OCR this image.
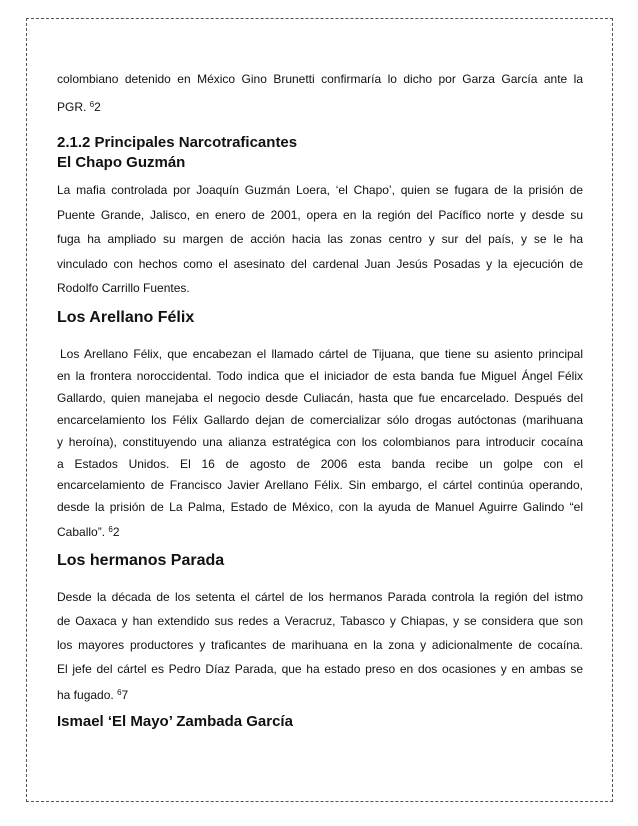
colombiano detenido en México Gino Brunetti confirmaría lo dicho por Garza García ante la
PGR. 62
2.1.2 Principales Narcotraficantes
El Chapo Guzmán
La mafia controlada por Joaquín Guzmán Loera, ‘el Chapo’, quien se fugara de la prisión de
Puente Grande, Jalisco, en enero de 2001, opera en la región del Pacífico norte y desde su
fuga ha ampliado su margen de acción hacia las zonas centro y sur del país, y se le ha
vinculado con hechos como el asesinato del cardenal Juan Jesús Posadas y la ejecución de
Rodolfo Carrillo Fuentes.
Los Arellano Félix
Los Arellano Félix, que encabezan el llamado cártel de Tijuana, que tiene su asiento principal
en la frontera noroccidental. Todo indica que el iniciador de esta banda fue Miguel Ángel Félix
Gallardo, quien manejaba el negocio desde Culiacán, hasta que fue encarcelado. Después del
encarcelamiento los Félix Gallardo dejan de comercializar sólo drogas autóctonas (marihuana
y heroína), constituyendo una alianza estratégica con los colombianos para introducir cocaína
a Estados Unidos. El 16 de agosto de 2006 esta banda recibe un golpe con el
encarcelamiento de Francisco Javier Arellano Félix. Sin embargo, el cártel continúa operando,
desde la prisión de La Palma, Estado de México, con la ayuda de Manuel Aguirre Galindo “el
Caballo”. 62
Los hermanos Parada
Desde la década de los setenta el cártel de los hermanos Parada controla la región del istmo
de Oaxaca y han extendido sus redes a Veracruz, Tabasco y Chiapas, y se considera que son
los mayores productores y traficantes de marihuana en la zona y adicionalmente de cocaína.
El jefe del cártel es Pedro Díaz Parada, que ha estado preso en dos ocasiones y en ambas se
ha fugado. 67
Ismael ‘El Mayo’ Zambada García
